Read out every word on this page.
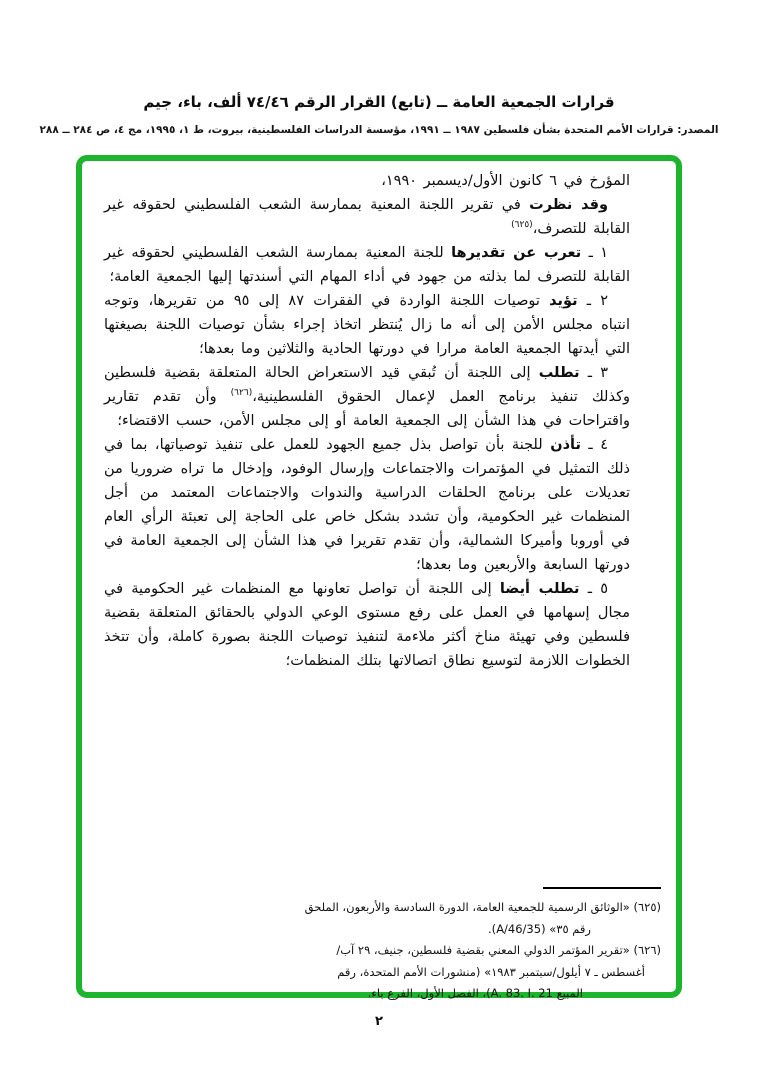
قرارات الجمعية العامة ــ (تابع) القرار الرقم ٧٤/٤٦ ألف، باء، جيم
المصدر: قرارات الأمم المتحدة بشأن فلسطين ١٩٨٧ ــ ١٩٩١، مؤسسة الدراسات الفلسطينية، بيروت، ط ١، ١٩٩٥، مج ٤، ص ٢٨٤ ــ ٢٨٨

المؤرخ في ٦ كانون الأول/ديسمبر ١٩٩٠،

وقد نظرت في تقرير اللجنة المعنية بممارسة الشعب الفلسطيني لحقوقه غير القابلة للتصرف،$^{(٦٢٥)}$

١ ـ تعرب عن تقديرها للجنة المعنية بممارسة الشعب الفلسطيني لحقوقه غير القابلة للتصرف لما بذلته من جهود في أداء المهام التي أسندتها إليها الجمعية العامة؛

٢ ـ تؤيد توصيات اللجنة الواردة في الفقرات ٨٧ إلى ٩٥ من تقريرها، وتوجه انتباه مجلس الأمن إلى أنه ما زال يُنتظر اتخاذ إجراء بشأن توصيات اللجنة بصيغتها التي أيدتها الجمعية العامة مرارا في دورتها الحادية والثلاثين وما بعدها؛

٣ ـ تطلب إلى اللجنة أن تُبقي قيد الاستعراض الحالة المتعلقة بقضية فلسطين وكذلك تنفيذ برنامج العمل لإعمال الحقوق الفلسطينية،$^{(٦٢٦)}$ وأن تقدم تقارير واقتراحات في هذا الشأن إلى الجمعية العامة أو إلى مجلس الأمن، حسب الاقتضاء؛

٤ ـ تأذن للجنة بأن تواصل بذل جميع الجهود للعمل على تنفيذ توصياتها، بما في ذلك التمثيل في المؤتمرات والاجتماعات وإرسال الوفود، وإدخال ما تراه ضروريا من تعديلات على برنامج الحلقات الدراسية والندوات والاجتماعات المعتمد من أجل المنظمات غير الحكومية، وأن تشدد بشكل خاص على الحاجة إلى تعبئة الرأي العام في أوروبا وأميركا الشمالية، وأن تقدم تقريرا في هذا الشأن إلى الجمعية العامة في دورتها السابعة والأربعين وما بعدها؛

٥ ـ تطلب أيضا إلى اللجنة أن تواصل تعاونها مع المنظمات غير الحكومية في مجال إسهامها في العمل على رفع مستوى الوعي الدولي بالحقائق المتعلقة بقضية فلسطين وفي تهيئة مناخ أكثر ملاءمة لتنفيذ توصيات اللجنة بصورة كاملة، وأن تتخذ الخطوات اللازمة لتوسيع نطاق اتصالاتها بتلك المنظمات؛

(٦٢٥) «الوثائق الرسمية للجمعية العامة، الدورة السادسة والأربعون، الملحق
رقم ٣٥» (A/46/35).
(٦٢٦) «تقرير المؤتمر الدولي المعني بقضية فلسطين، جنيف، ٢٩ آب/
أغسطس ـ ٧ أيلول/سبتمبر ١٩٨٣» (منشورات الأمم المتحدة، رقم
المبيع A. 83. I. 21)، الفصل الأول، الفرع باء.
٢
